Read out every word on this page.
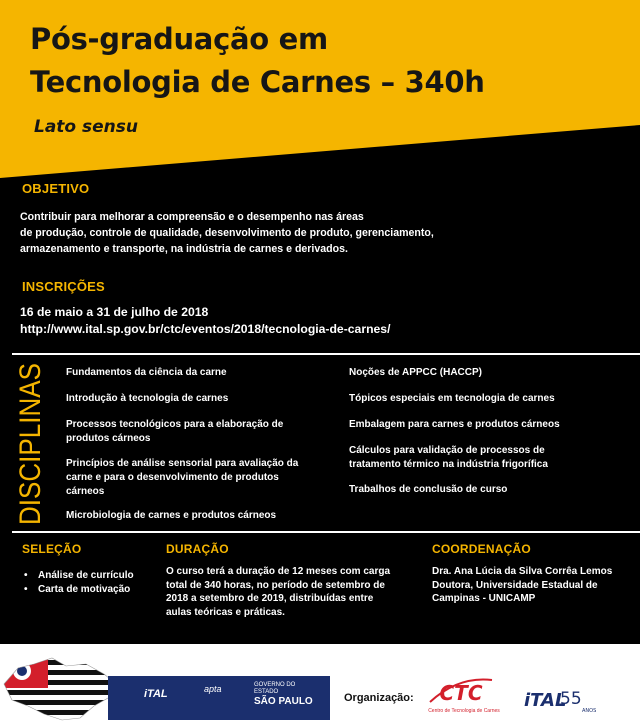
Pós-graduação em
Tecnologia de Carnes – 340h
Lato sensu
OBJETIVO
Contribuir para melhorar a compreensão e o desempenho nas áreas
de produção, controle de qualidade, desenvolvimento de produto, gerenciamento,
armazenamento e transporte, na indústria de carnes e derivados.
INSCRIÇÕES
16 de maio a 31 de julho de 2018
http://www.ital.sp.gov.br/ctc/eventos/2018/tecnologia-de-carnes/
DISCIPLINAS Fundamentos da ciência da carne
Introdução à tecnologia de carnes
Processos tecnológicos para a elaboração de
produtos cárneos
Princípios de análise sensorial para avaliação da
carne e para o desenvolvimento de produtos
cárneos
Microbiologia de carnes e produtos cárneos
Noções de APPCC (HACCP)
Tópicos especiais em tecnologia de carnes
Embalagem para carnes e produtos cárneos
Cálculos para validação de processos de
tratamento térmico na indústria frigorífica
Trabalhos de conclusão de curso
SELEÇÃO
• Análise de currículo
• Carta de motivação
DURAÇÃO
O curso terá a duração de 12 meses com carga
total de 340 horas, no período de setembro de
2018 a setembro de 2019, distribuídas entre
aulas teóricas e práticas.
COORDENAÇÃO
Dra. Ana Lúcia da Silva Corrêa Lemos
Doutora, Universidade Estadual de
Campinas - UNICAMP
iTAL	apta	GOVERNO DO ESTADO
SÃO PAULO	Organização: CTC
Centro de Tecnologia de Carnes iTAL
55
ANOS
